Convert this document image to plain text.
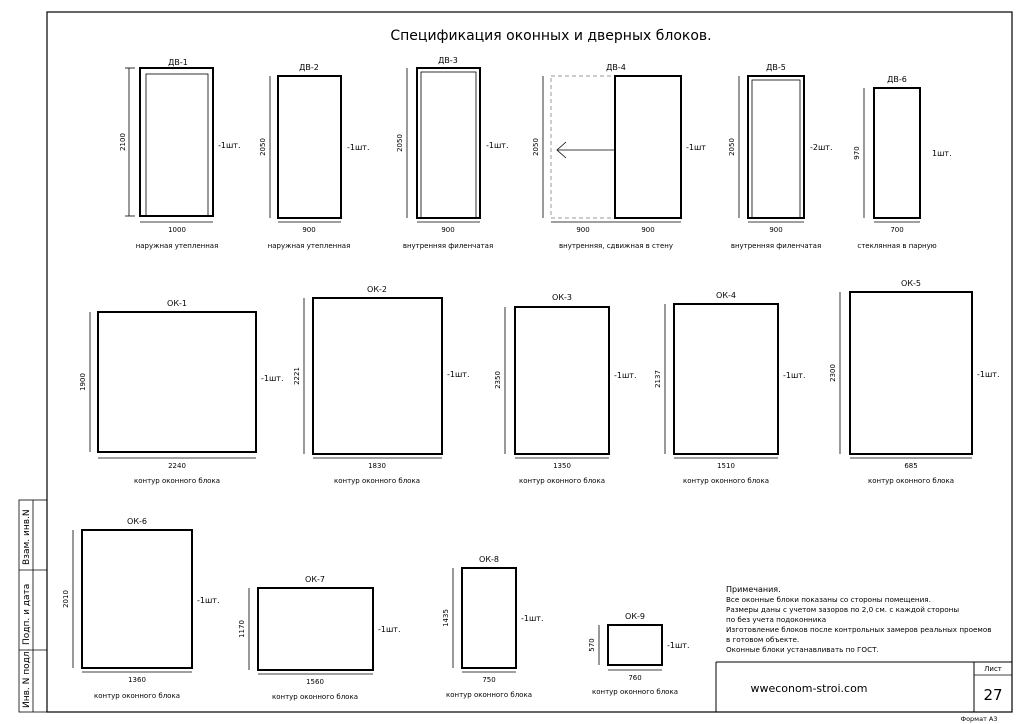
Взам. инв.N
Подп. и дата
Инв. N подл.
Спецификация оконных и дверных блоков.
ДВ-1
2100
1000
-1шт.
наружная утепленная
ДВ-2
2050
900
-1шт.
наружная утепленная
ДВ-3
2050
900
-1шт.
внутренняя филенчатая
ДВ-4
2050
900	900
-1шт
внутренняя, сдвижная в стену
ДВ-5
2050
900
-2шт.
внутренняя филенчатая
ДВ-6
970
700
1шт.
стеклянная в парную
ОК-1
1900
2240
-1шт.
контур оконного блока
ОК-2
2221
1830
-1шт.
контур оконного блока
ОК-3
2350
1350
-1шт.
контур оконного блока
ОК-4
2137
1510
-1шт.
контур оконного блока
ОК-5
2300
685
-1шт.
контур оконного блока
ОК-6
2010
1360
-1шт.
контур оконного блока
ОК-7
1170
1560
-1шт.
контур оконного блока
ОК-8
1435
750
-1шт.
контур оконного блока
ОК-9
570
760
-1шт.
контур оконного блока
Примечания.
Все оконные блоки показаны со стороны помещения.
Размеры даны с учетом зазоров по 2,0 см. с каждой стороны
по без учета подоконника
Изготовление блоков после контрольных замеров реальных проемов
в готовом объекте.
Оконные блоки устанавливать по ГОСТ.
Лист
27
wweconom-stroi.com
Формат А3
